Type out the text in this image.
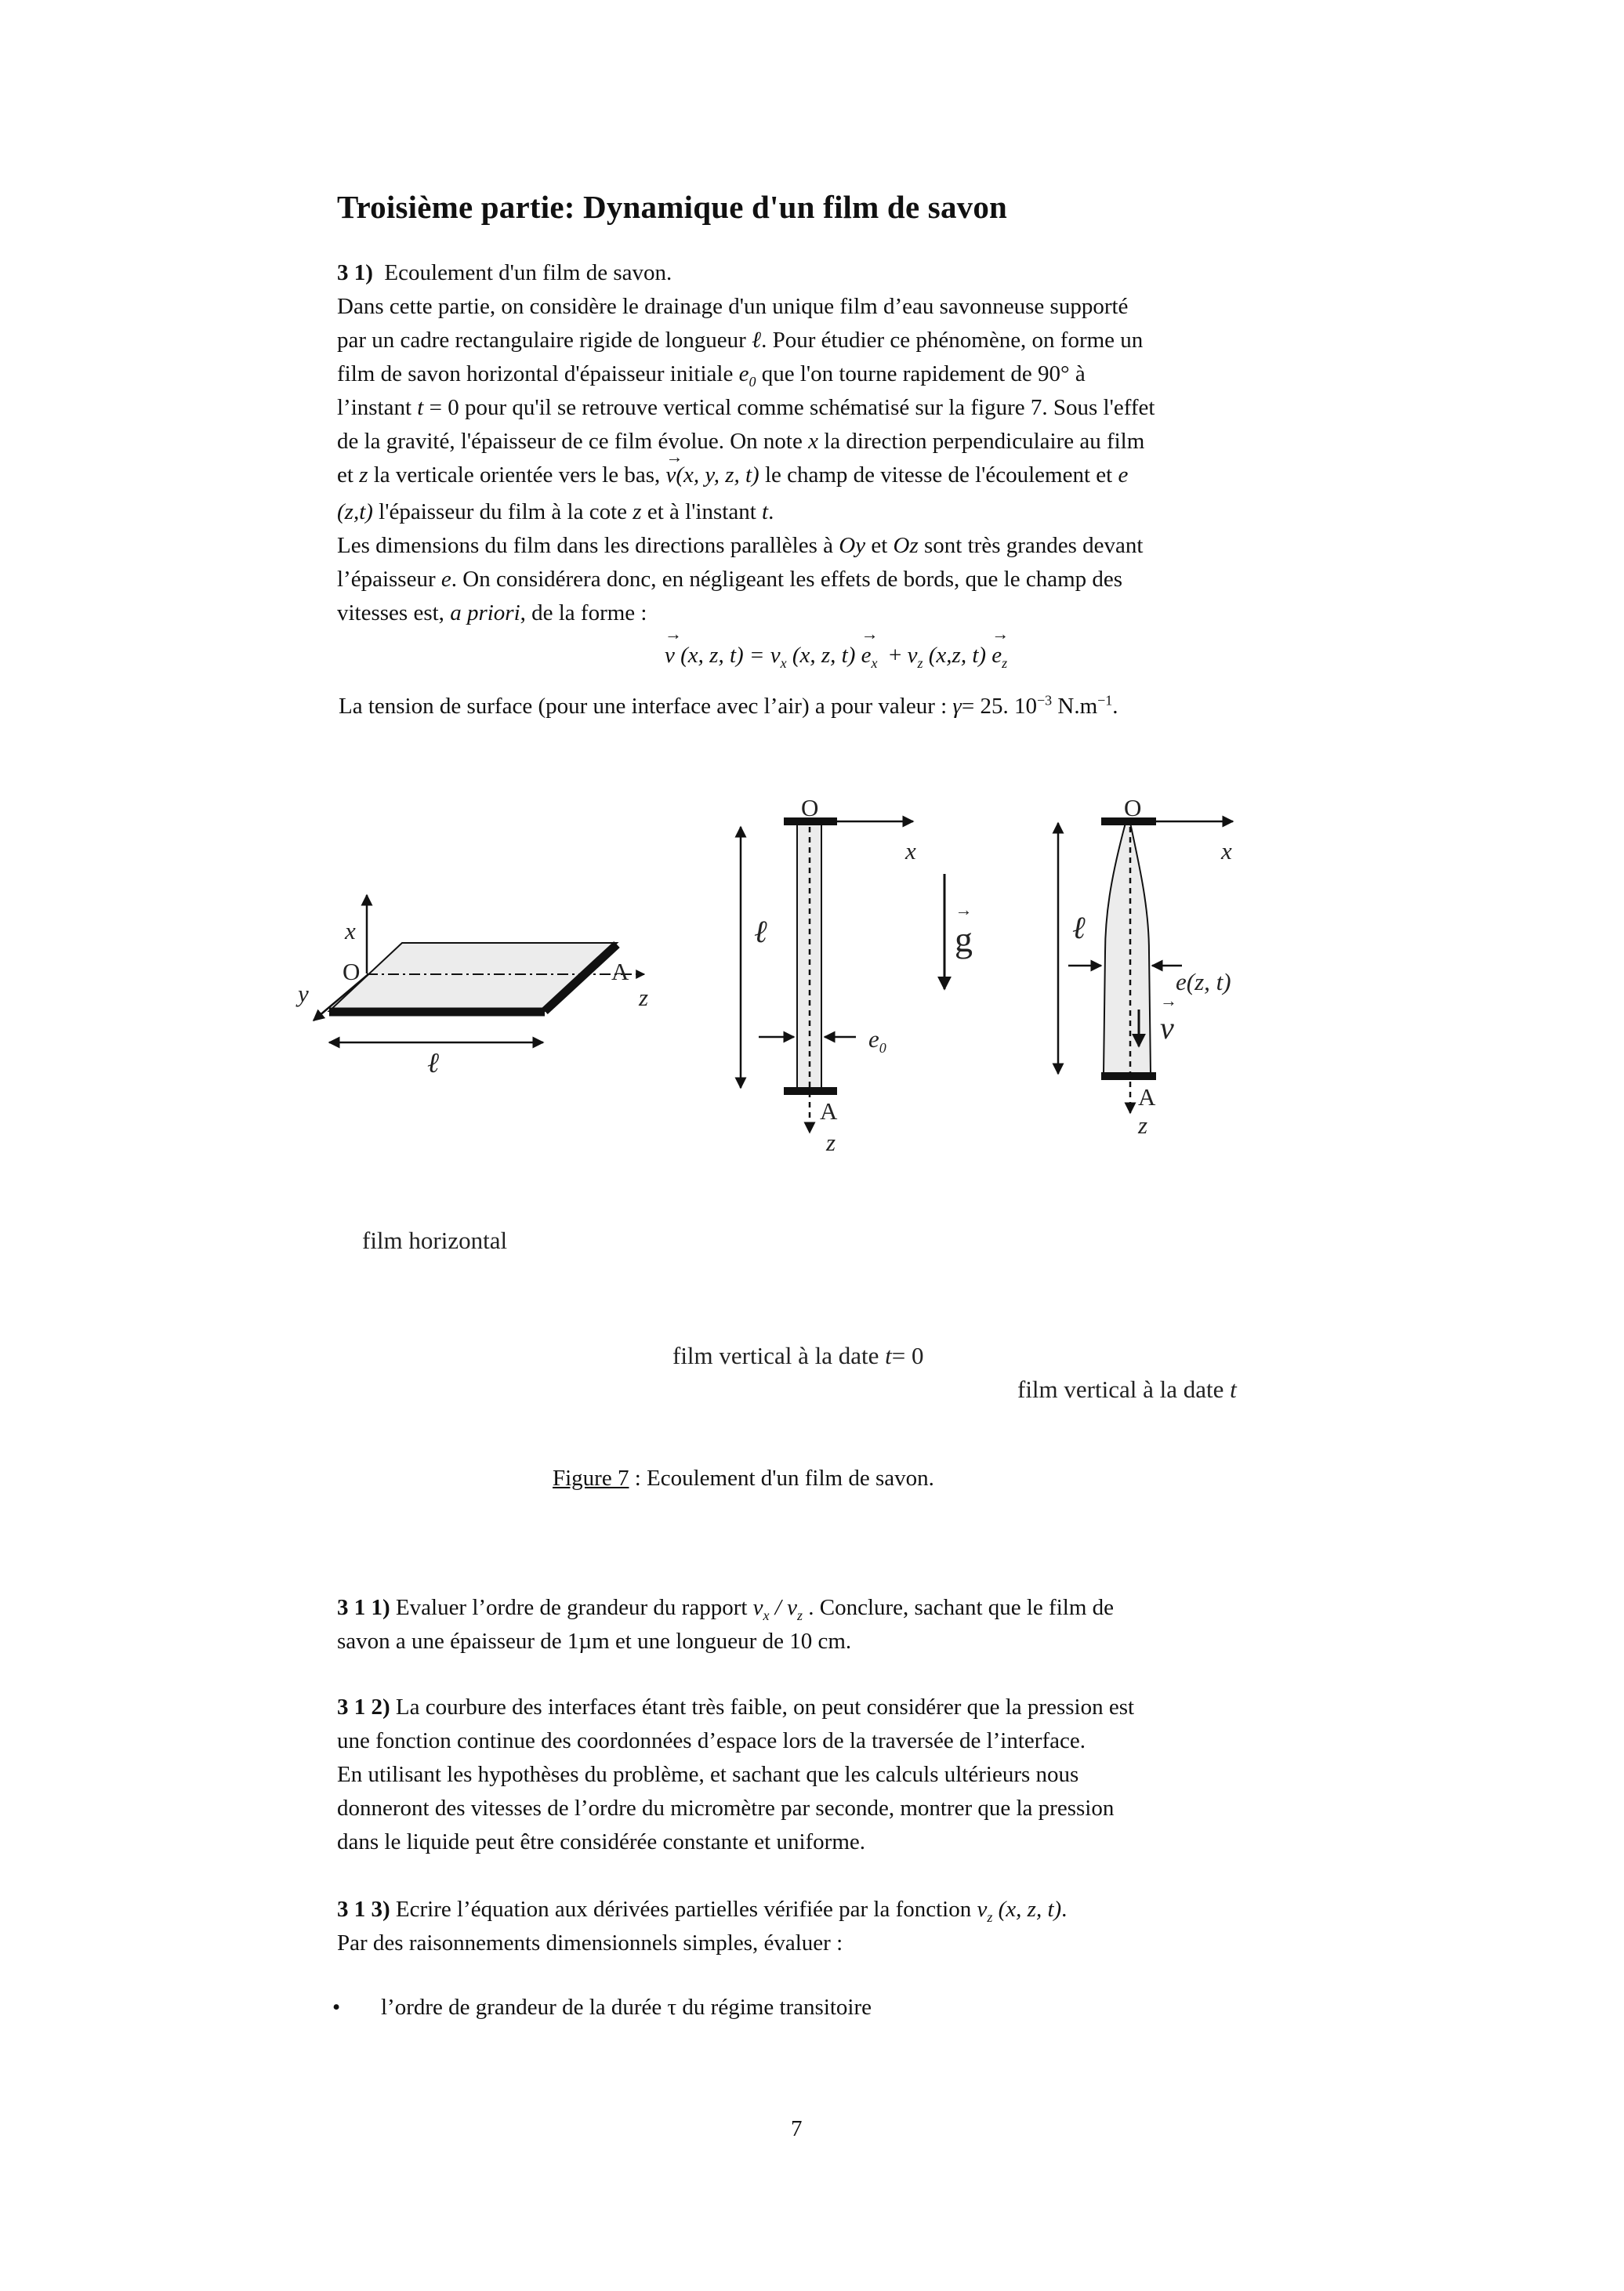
Troisième partie: Dynamique d'un film de savon

3 1) Ecoulement d'un film de savon.

Dans cette partie, on considère le drainage d'un unique film d’eau savonneuse supporté

par un cadre rectangulaire rigide de longueur ℓ. Pour étudier ce phénomène, on forme un

film de savon horizontal d'épaisseur initiale $e_0$ que l'on tourne rapidement de 90° à

l’instant t = 0 pour qu'il se retrouve vertical comme schématisé sur la figure 7. Sous l'effet

de la gravité, l'épaisseur de ce film évolue. On note x la direction perpendiculaire au film

et z la verticale orientée vers le bas, → v(x, y, z, t) le champ de vitesse de l'écoulement et e

(z,t) l'épaisseur du film à la cote z et à l'instant t.

Les dimensions du film dans les directions parallèles à Oy et Oz sont très grandes devant

l’épaisseur e. On considérera donc, en négligeant les effets de bords, que le champ des

vitesses est, a priori, de la forme :

→ v (x, z, $t) = v_x$ (x, z, $t) \to e_x + v_z$ (x,z, $t) \to e_z$
La tension de surface (pour une interface avec l’air) a pour valeur : γ= 25. $10^{-3}$ $N.m^{-1}$.
x
O	A
y	z
ℓ
film horizontal
O
x
ℓ
$e_0$
A
z
→ g
film vertical à la date t= 0
O
x
ℓ
e(z, t)
→ v
A
z
film vertical à la date t
Figure 7 : Ecoulement d'un film de savon.

3 1 1) Evaluer l’ordre de grandeur du rapport $v_x / v_z$ . Conclure, sachant que le film de

savon a une épaisseur de 1µm et une longueur de 10 cm.

3 1 2) La courbure des interfaces étant très faible, on peut considérer que la pression est

une fonction continue des coordonnées d’espace lors de la traversée de l’interface.

En utilisant les hypothèses du problème, et sachant que les calculs ultérieurs nous

donneront des vitesses de l’ordre du micromètre par seconde, montrer que la pression

dans le liquide peut être considérée constante et uniforme.

3 1 3) Ecrire l’équation aux dérivées partielles vérifiée par la fonction $v_z$ (x, z, t).

Par des raisonnements dimensionnels simples, évaluer :

• l’ordre de grandeur de la durée τ du régime transitoire
7
